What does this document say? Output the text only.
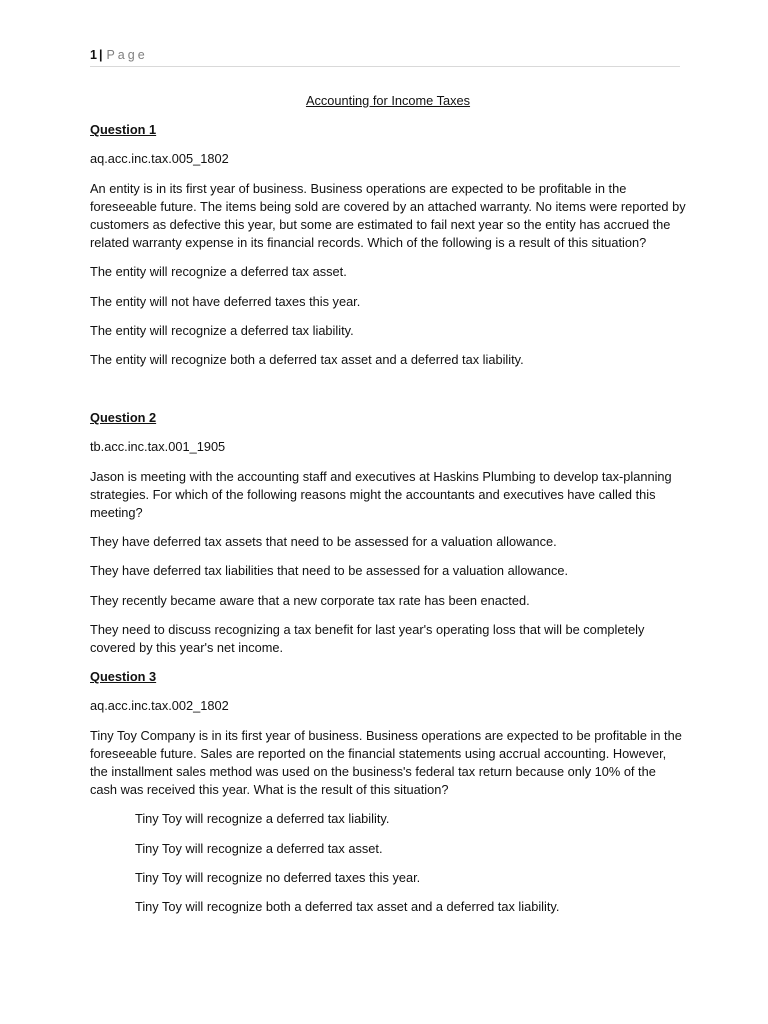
1 | Page

Accounting for Income Taxes

Question 1

aq.acc.inc.tax.005_1802

An entity is in its first year of business. Business operations are expected to be profitable in the foreseeable future. The items being sold are covered by an attached warranty. No items were reported by customers as defective this year, but some are estimated to fail next year so the entity has accrued the related warranty expense in its financial records. Which of the following is a result of this situation?

The entity will recognize a deferred tax asset.

The entity will not have deferred taxes this year.

The entity will recognize a deferred tax liability.

The entity will recognize both a deferred tax asset and a deferred tax liability.

Question 2

tb.acc.inc.tax.001_1905

Jason is meeting with the accounting staff and executives at Haskins Plumbing to develop tax-planning strategies. For which of the following reasons might the accountants and executives have called this meeting?

They have deferred tax assets that need to be assessed for a valuation allowance.

They have deferred tax liabilities that need to be assessed for a valuation allowance.

They recently became aware that a new corporate tax rate has been enacted.

They need to discuss recognizing a tax benefit for last year's operating loss that will be completely covered by this year's net income.

Question 3

aq.acc.inc.tax.002_1802

Tiny Toy Company is in its first year of business. Business operations are expected to be profitable in the foreseeable future. Sales are reported on the financial statements using accrual accounting. However, the installment sales method was used on the business's federal tax return because only 10% of the cash was received this year. What is the result of this situation?

Tiny Toy will recognize a deferred tax liability.

Tiny Toy will recognize a deferred tax asset.

Tiny Toy will recognize no deferred taxes this year.

Tiny Toy will recognize both a deferred tax asset and a deferred tax liability.
